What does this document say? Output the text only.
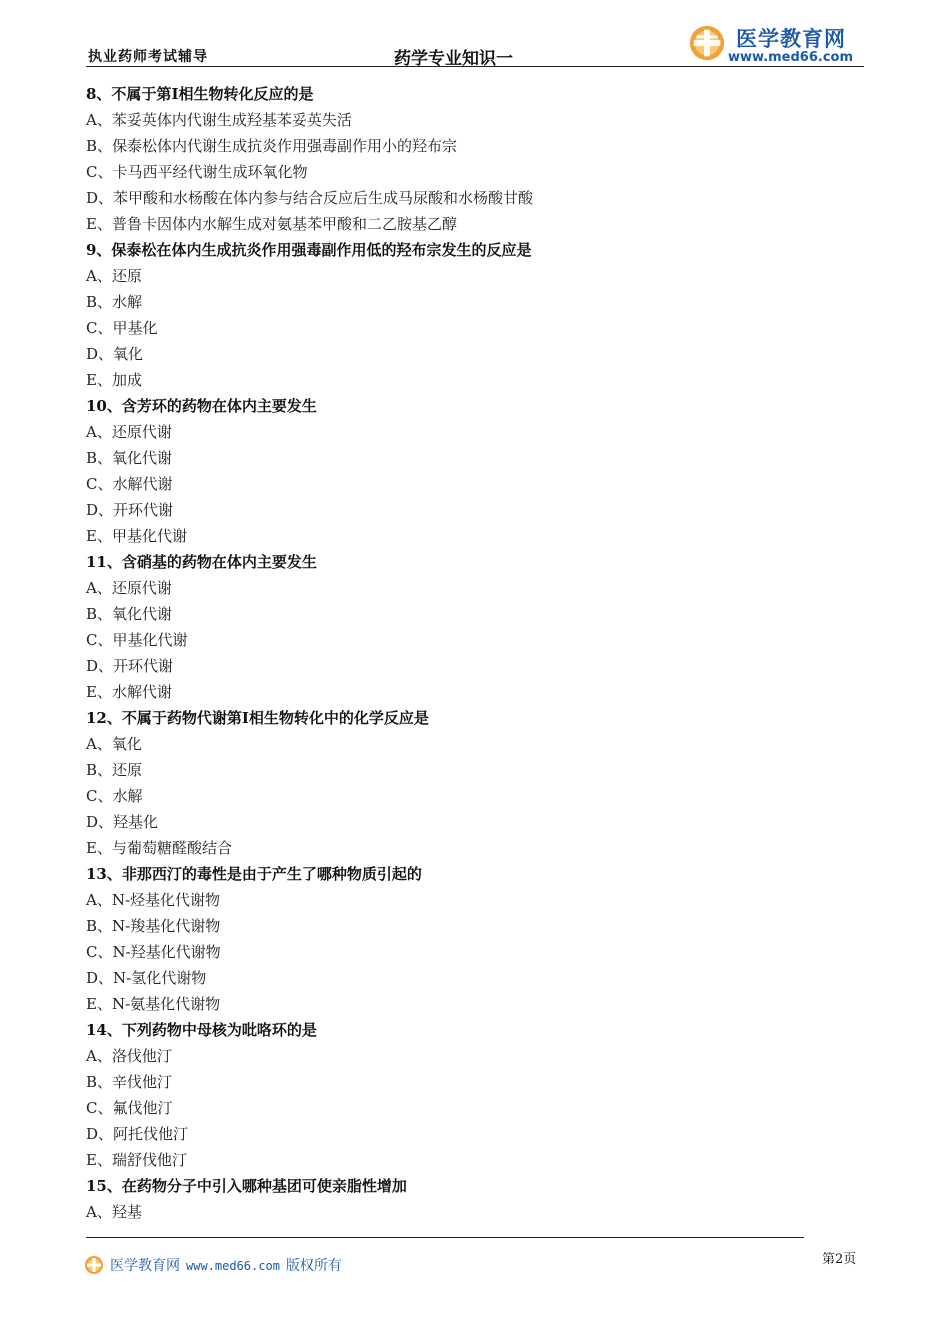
执业药师考试辅导	药学专业知识一
医学教育网
www.med66.com
8、不属于第Ⅰ相生物转化反应的是
A、苯妥英体内代谢生成羟基苯妥英失活
B、保泰松体内代谢生成抗炎作用强毒副作用小的羟布宗
C、卡马西平经代谢生成环氧化物
D、苯甲酸和水杨酸在体内参与结合反应后生成马尿酸和水杨酸甘酸
E、普鲁卡因体内水解生成对氨基苯甲酸和二乙胺基乙醇
9、保泰松在体内生成抗炎作用强毒副作用低的羟布宗发生的反应是
A、还原
B、水解
C、甲基化
D、氧化
E、加成
10、含芳环的药物在体内主要发生
A、还原代谢
B、氧化代谢
C、水解代谢
D、开环代谢
E、甲基化代谢
11、含硝基的药物在体内主要发生
A、还原代谢
B、氧化代谢
C、甲基化代谢
D、开环代谢
E、水解代谢
12、不属于药物代谢第Ⅰ相生物转化中的化学反应是
A、氧化
B、还原
C、水解
D、羟基化
E、与葡萄糖醛酸结合
13、非那西汀的毒性是由于产生了哪种物质引起的
A、N-烃基化代谢物
B、N-羧基化代谢物
C、N-羟基化代谢物
D、N-氢化代谢物
E、N-氨基化代谢物
14、下列药物中母核为吡咯环的是
A、洛伐他汀
B、辛伐他汀
C、氟伐他汀
D、阿托伐他汀
E、瑞舒伐他汀
15、在药物分子中引入哪种基团可使亲脂性增加
A、羟基
医学教育网 www.med66.com 版权所有	第2页
